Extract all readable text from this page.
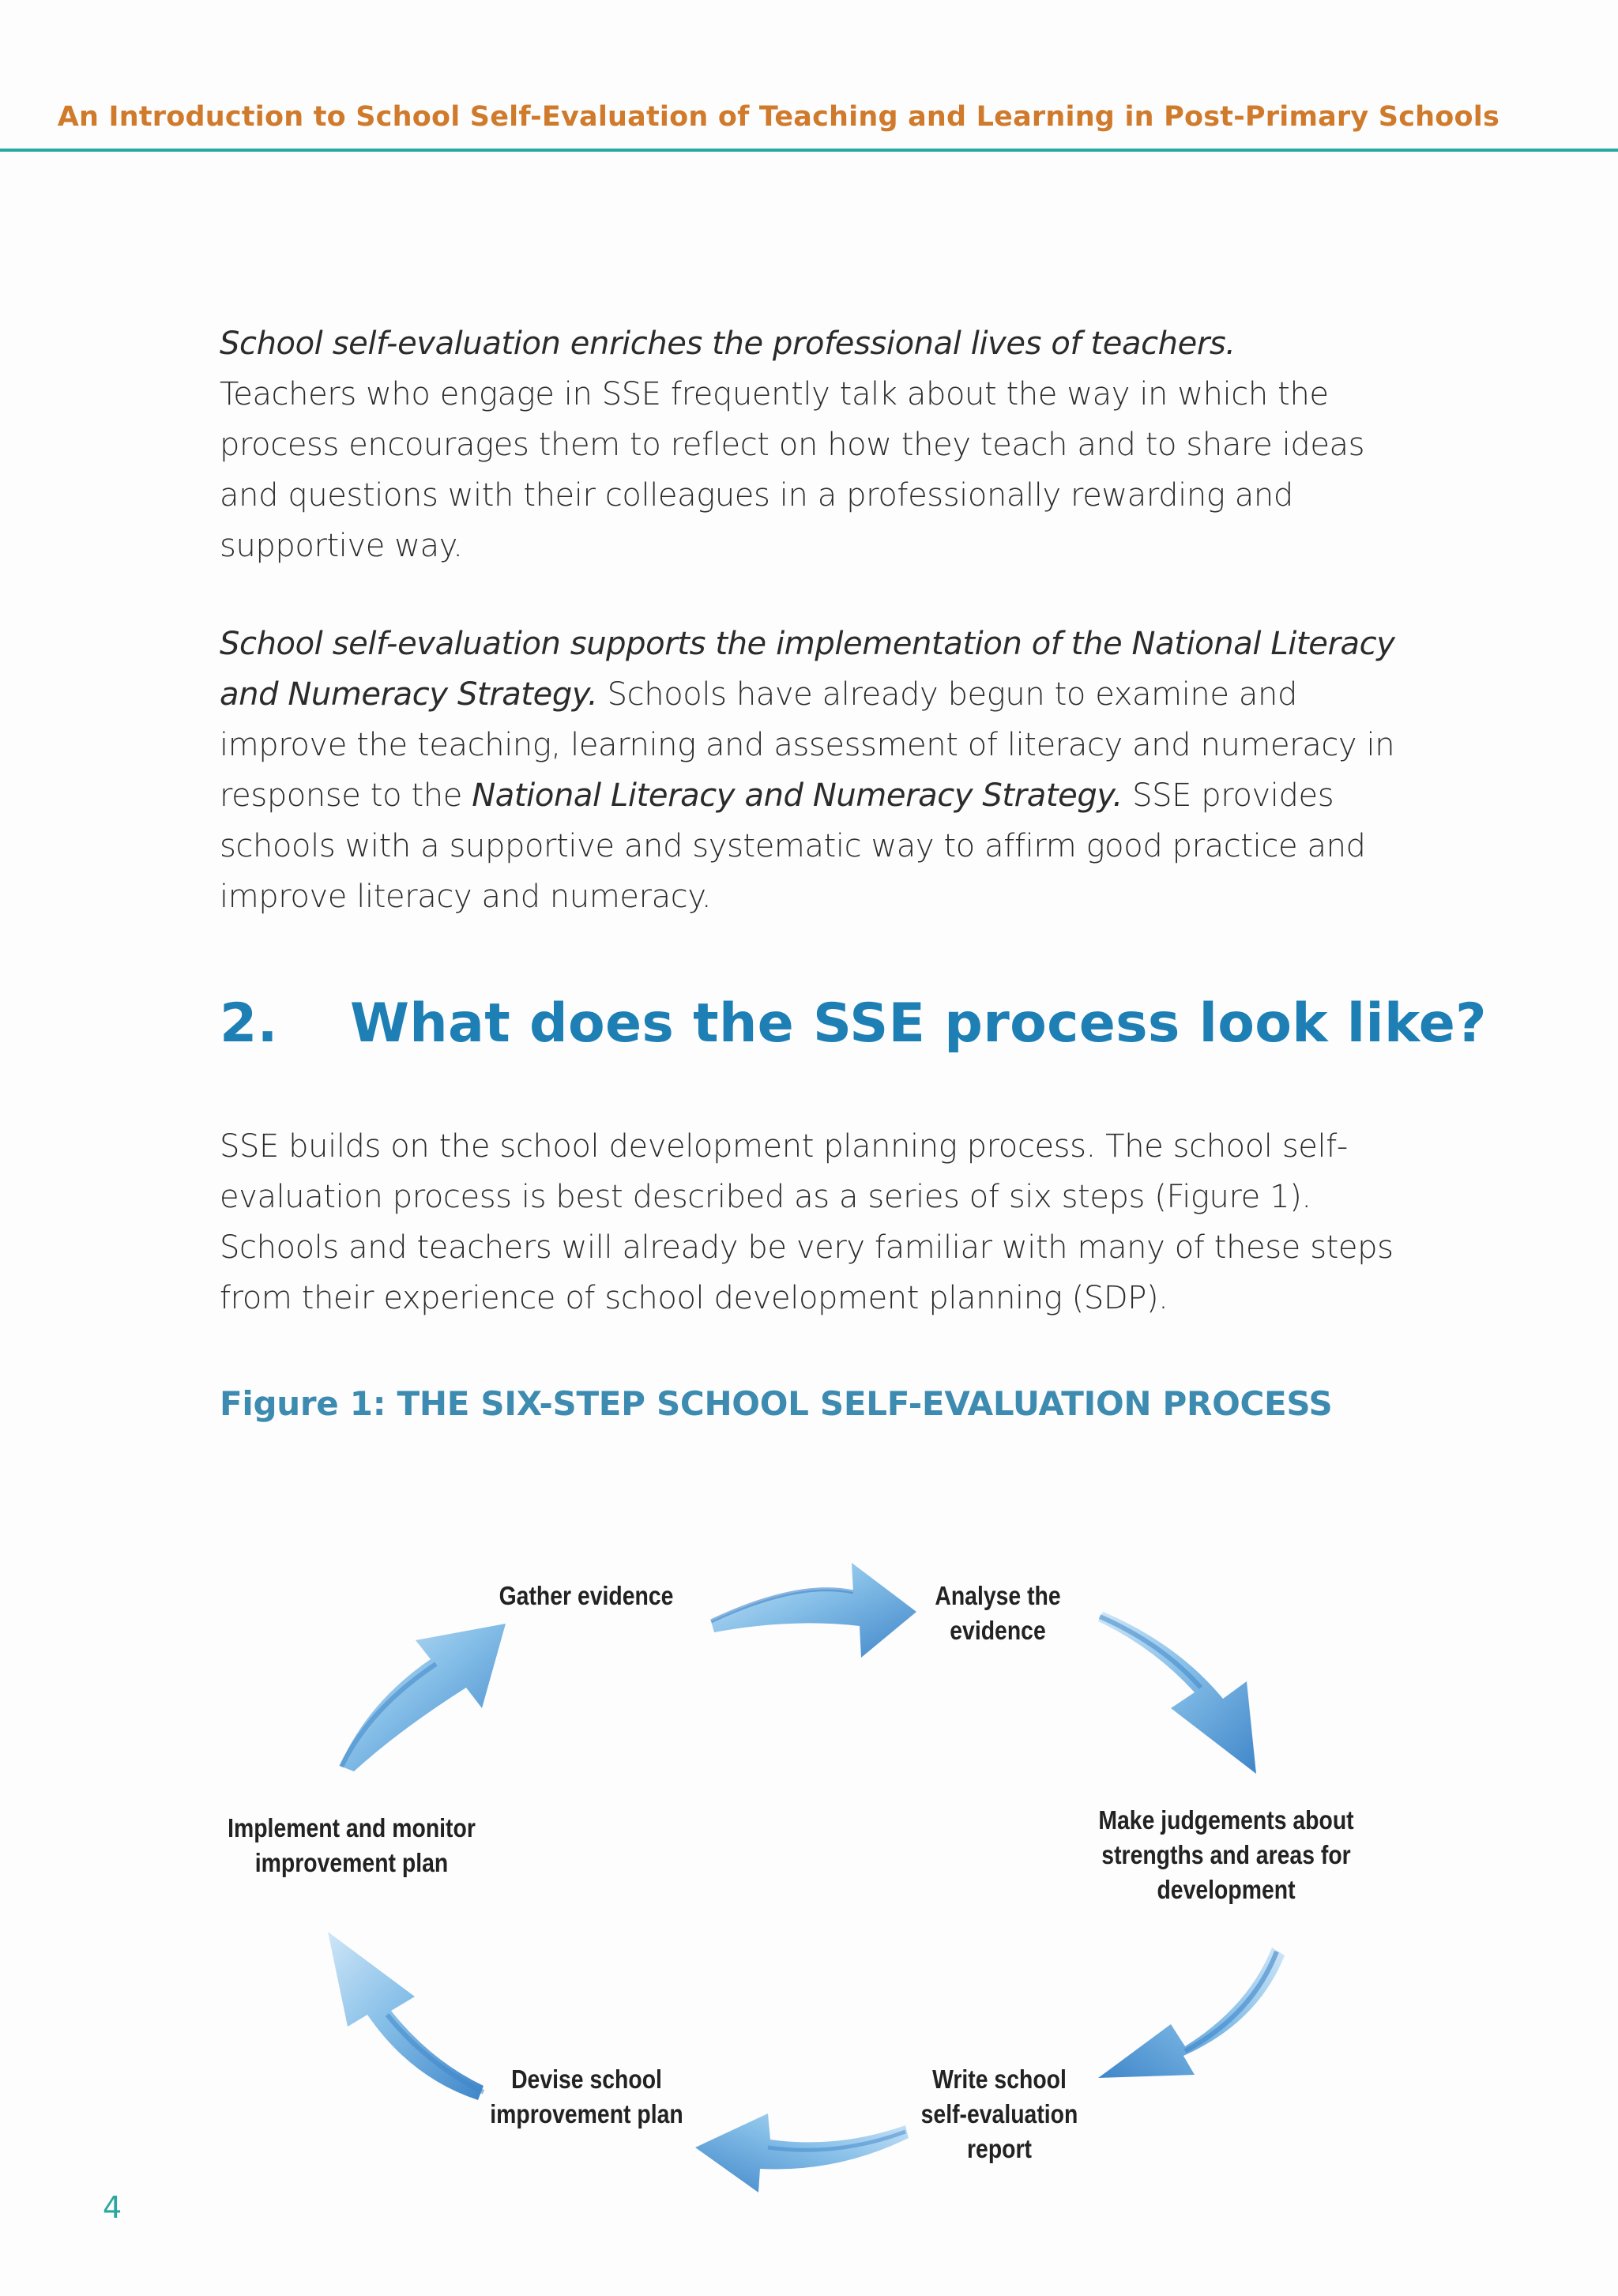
An Introduction to School Self-Evaluation of Teaching and Learning in Post-Primary Schools

School self-evaluation enriches the professional lives of teachers.
Teachers who engage in SSE frequently talk about the way in which the process encourages them to reflect on how they teach and to share ideas and questions with their colleagues in a professionally rewarding and supportive way.

School self-evaluation supports the implementation of the National Literacy and Numeracy Strategy. Schools have already begun to examine and improve the teaching, learning and assessment of literacy and numeracy in response to the National Literacy and Numeracy Strategy. SSE provides schools with a supportive and systematic way to affirm good practice and improve literacy and numeracy.

2. What does the SSE process look like?

SSE builds on the school development planning process. The school self-evaluation process is best described as a series of six steps (Figure 1). Schools and teachers will already be very familiar with many of these steps from their experience of school development planning (SDP).

Figure 1: THE SIX-STEP SCHOOL SELF-EVALUATION PROCESS
Gather evidence	Analyse the
evidence
Make judgements about
strengths and areas for
development
Write school
self-evaluation
report
Devise school
improvement plan
Implement and monitor
improvement plan
4
